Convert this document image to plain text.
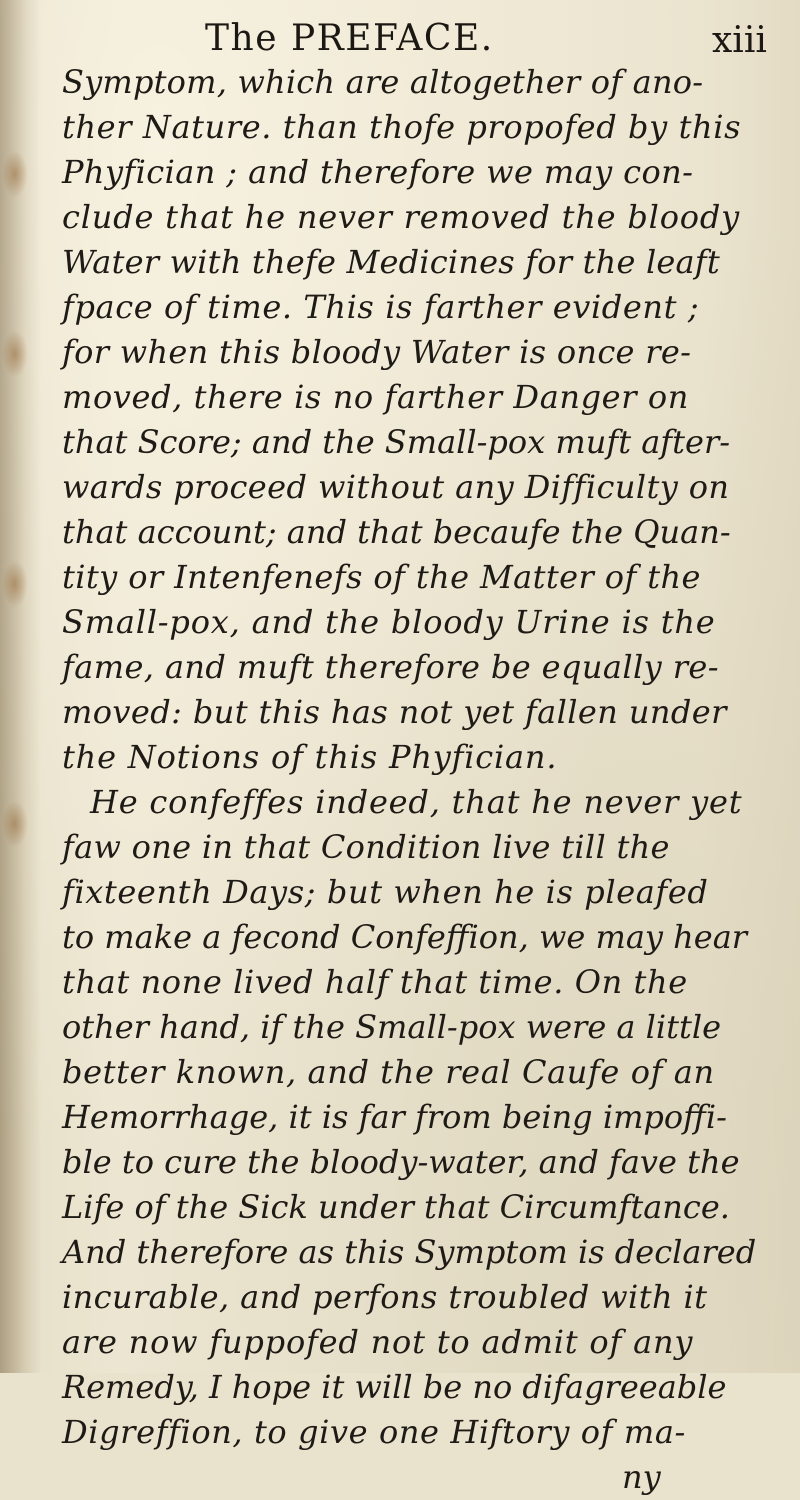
The PREFACE.	xiii
Symptom, which are altogether of ano-
ther Nature. than thofe propofed by this
Phyfician ; and therefore we may con-
clude that he never removed the bloody
Water with thefe Medicines for the leaft
fpace of time. This is farther evident ;
for when this bloody Water is once re-
moved, there is no farther Danger on
that Score; and the Small-pox muft after-
wards proceed without any Difficulty on
that account; and that becaufe the Quan-
tity or Intenfenefs of the Matter of the
Small-pox, and the bloody Urine is the
fame, and muft therefore be equally re-
moved: but this has not yet fallen under
the Notions of this Phyfician.
He confeffes indeed, that he never yet
faw one in that Condition live till the
fixteenth Days; but when he is pleafed
to make a fecond Confeffion, we may hear
that none lived half that time. On the
other hand, if the Small-pox were a little
better known, and the real Caufe of an
Hemorrhage, it is far from being impoffi-
ble to cure the bloody-water, and fave the
Life of the Sick under that Circumftance.
And therefore as this Symptom is declared
incurable, and perfons troubled with it
are now fuppofed not to admit of any
Remedy, I hope it will be no difagreeable
Digreffion, to give one Hiftory of ma-
ny
